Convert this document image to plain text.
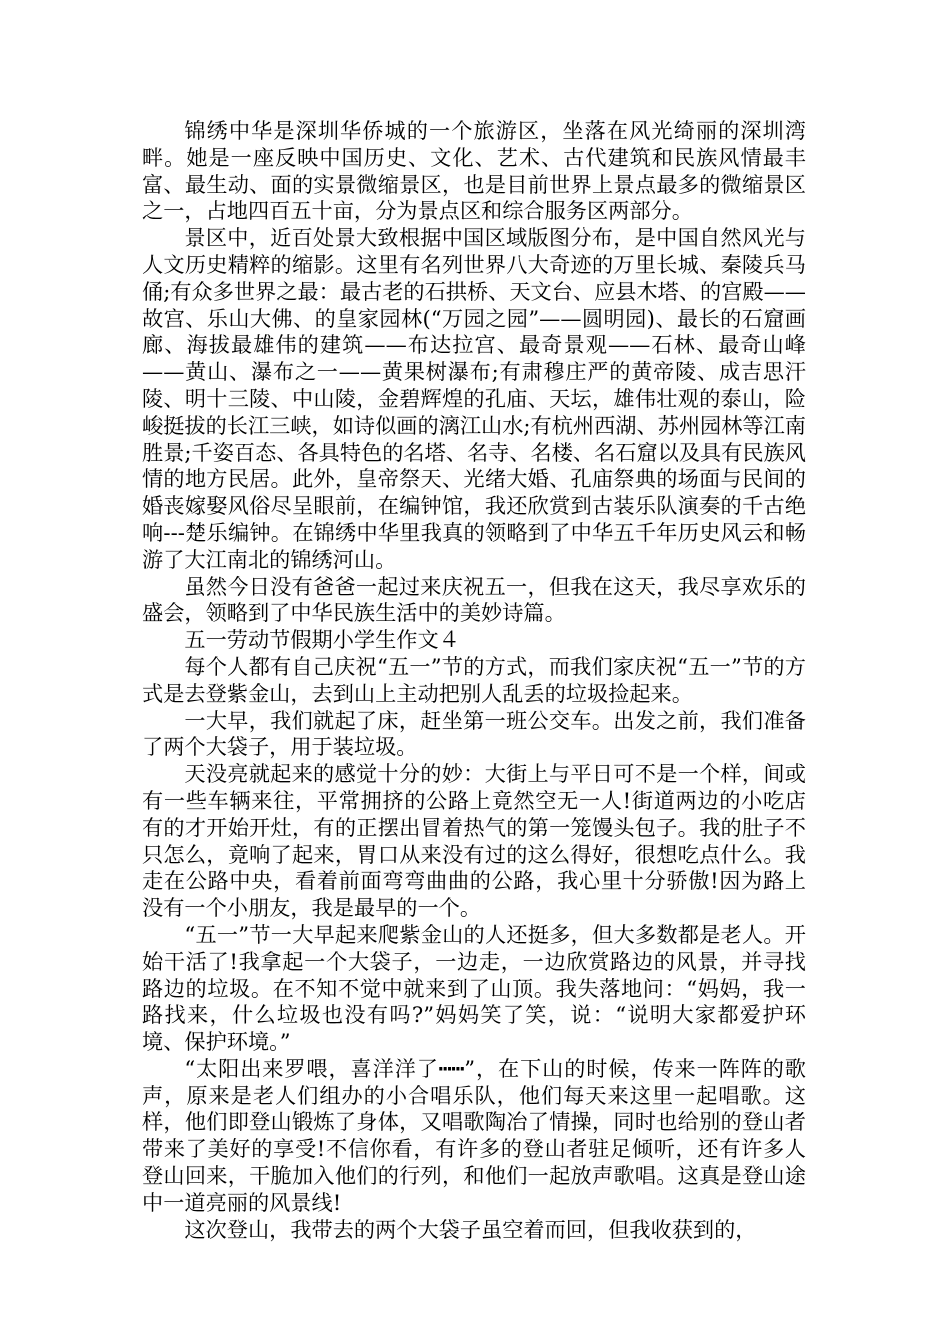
锦绣中华是深圳华侨城的一个旅游区，坐落在风光绮丽的深圳湾畔。她是一座反映中国历史、文化、艺术、古代建筑和民族风情最丰富、最生动、面的实景微缩景区，也是目前世界上景点最多的微缩景区之一，占地四百五十亩，分为景点区和综合服务区两部分。

景区中，近百处景大致根据中国区域版图分布，是中国自然风光与人文历史精粹的缩影。这里有名列世界八大奇迹的万里长城、秦陵兵马俑;有众多世界之最：最古老的石拱桥、天文台、应县木塔、的宫殿——故宫、乐山大佛、的皇家园林(“万园之园”——圆明园)、最长的石窟画廊、海拔最雄伟的建筑——布达拉宫、最奇景观——石林、最奇山峰——黄山、瀑布之一——黄果树瀑布;有肃穆庄严的黄帝陵、成吉思汗陵、明十三陵、中山陵，金碧辉煌的孔庙、天坛，雄伟壮观的泰山，险峻挺拔的长江三峡，如诗似画的漓江山水;有杭州西湖、苏州园林等江南胜景;千姿百态、各具特色的名塔、名寺、名楼、名石窟以及具有民族风情的地方民居。此外，皇帝祭天、光绪大婚、孔庙祭典的场面与民间的婚丧嫁娶风俗尽呈眼前，在编钟馆，我还欣赏到古装乐队演奏的千古绝响---楚乐编钟。在锦绣中华里我真的领略到了中华五千年历史风云和畅游了大江南北的锦绣河山。

虽然今日没有爸爸一起过来庆祝五一，但我在这天，我尽享欢乐的盛会，领略到了中华民族生活中的美妙诗篇。

五一劳动节假期小学生作文４

每个人都有自己庆祝“五一”节的方式，而我们家庆祝“五一”节的方式是去登紫金山，去到山上主动把别人乱丢的垃圾捡起来。

一大早，我们就起了床，赶坐第一班公交车。出发之前，我们准备了两个大袋子，用于装垃圾。

天没亮就起来的感觉十分的妙：大街上与平日可不是一个样，间或有一些车辆来往，平常拥挤的公路上竟然空无一人!街道两边的小吃店有的才开始开灶，有的正摆出冒着热气的第一笼馒头包子。我的肚子不只怎么，竟响了起来，胃口从来没有过的这么得好，很想吃点什么。我走在公路中央，看着前面弯弯曲曲的公路，我心里十分骄傲!因为路上没有一个小朋友，我是最早的一个。

“五一”节一大早起来爬紫金山的人还挺多，但大多数都是老人。开始干活了!我拿起一个大袋子，一边走，一边欣赏路边的风景，并寻找路边的垃圾。在不知不觉中就来到了山顶。我失落地问：“妈妈，我一路找来，什么垃圾也没有吗?”妈妈笑了笑，说：“说明大家都爱护环境、保护环境。”

“太阳出来罗喂，喜洋洋了┅┅”，在下山的时候，传来一阵阵的歌声，原来是老人们组办的小合唱乐队，他们每天来这里一起唱歌。这样，他们即登山锻炼了身体，又唱歌陶冶了情操，同时也给别的登山者带来了美好的享受!不信你看，有许多的登山者驻足倾听，还有许多人登山回来，干脆加入他们的行列，和他们一起放声歌唱。这真是登山途中一道亮丽的风景线!

这次登山，我带去的两个大袋子虽空着而回，但我收获到的，
